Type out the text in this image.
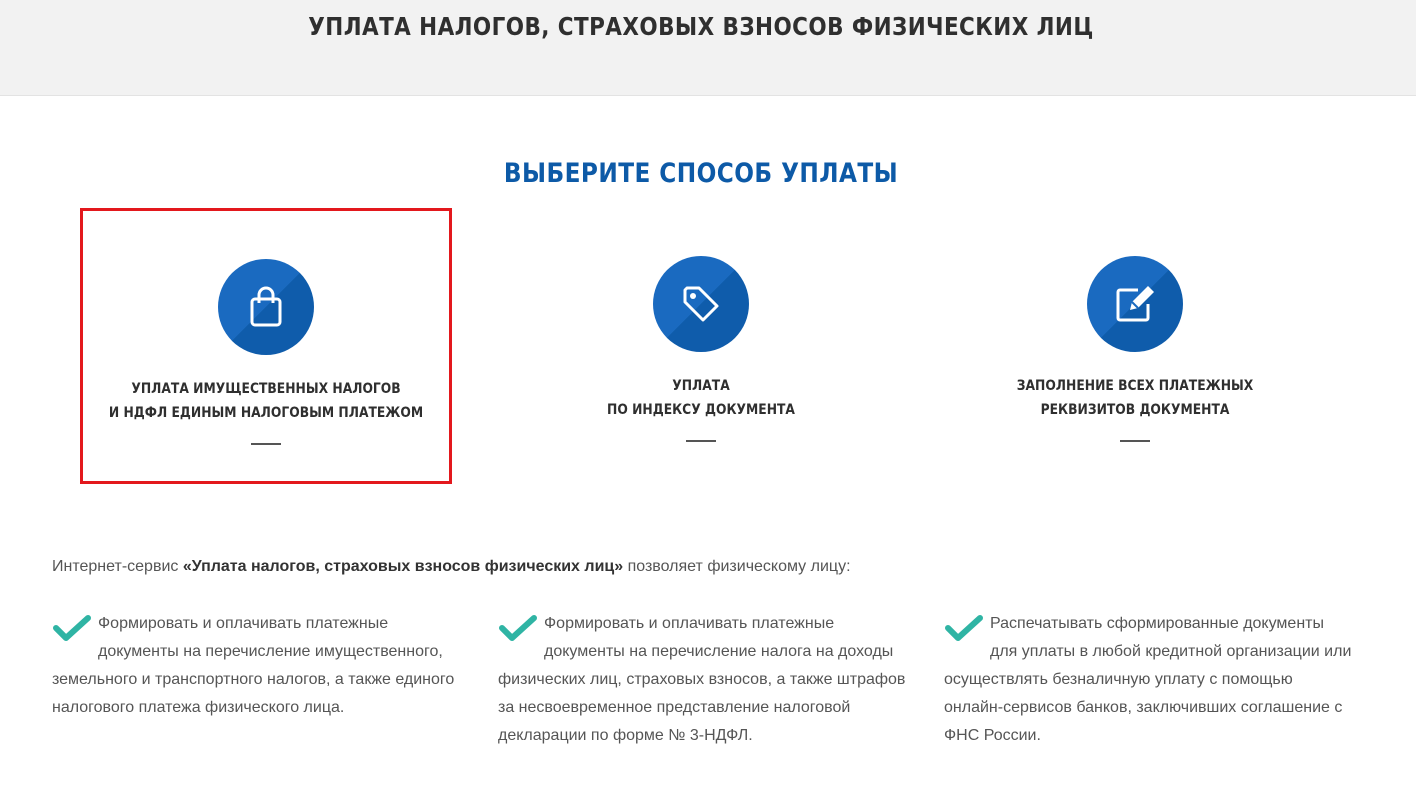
УПЛАТА НАЛОГОВ, СТРАХОВЫХ ВЗНОСОВ ФИЗИЧЕСКИХ ЛИЦ
ВЫБЕРИТЕ СПОСОБ УПЛАТЫ
УПЛАТА ИМУЩЕСТВЕННЫХ НАЛОГОВ
И НДФЛ ЕДИНЫМ НАЛОГОВЫМ ПЛАТЕЖОМ
УПЛАТА
ПО ИНДЕКСУ ДОКУМЕНТА
ЗАПОЛНЕНИЕ ВСЕХ ПЛАТЕЖНЫХ
РЕКВИЗИТОВ ДОКУМЕНТА
Интернет-сервис «Уплата налогов, страховых взносов физических лиц» позволяет физическому лицу:
Формировать и оплачивать платежные документы на перечисление имущественного, земельного и транспортного налогов, а также единого налогового платежа физического лица.
Формировать и оплачивать платежные документы на перечисление налога на доходы физических лиц, страховых взносов, а также штрафов за несвоевременное представление налоговой декларации по форме № 3-НДФЛ.
Распечатывать сформированные документы для уплаты в любой кредитной организации или осуществлять безналичную уплату с помощью онлайн-сервисов банков, заключивших соглашение с ФНС России.
